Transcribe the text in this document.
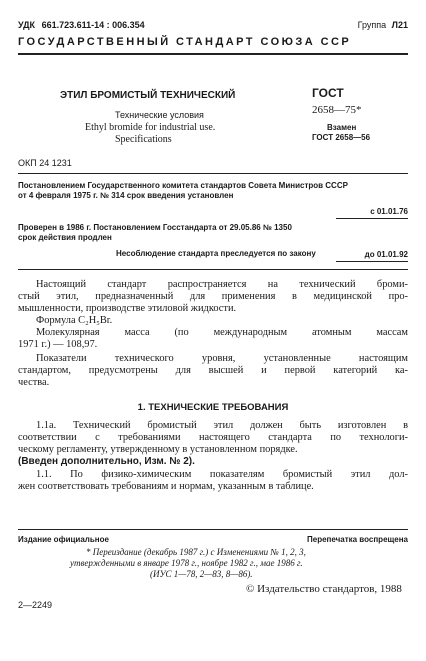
УДК 661.723.611-14 : 006.354	Группа Л21
ГОСУДАРСТВЕННЫЙ СТАНДАРТ СОЮЗА ССР
ЭТИЛ БРОМИСТЫЙ ТЕХНИЧЕСКИЙ
Технические условия
Ethyl bromide for industrial use.
Specifications
ГОСТ
2658—75*
Взамен
ГОСТ 2658—56
ОКП 24 1231
Постановлением Государственного комитета стандартов Совета Министров СССР
от 4 февраля 1975 г. № 314 срок введения установлен
с 01.01.76
Проверен в 1986 г. Постановлением Госстандарта от 29.05.86 № 1350
срок действия продлен
до 01.01.92
Несоблюдение стандарта преследуется по закону
Настоящий стандарт распространяется на технический броми-
стый этил, предназначенный для применения в медицинской про-
мышленности, производстве этиловой жидкости.
Формула C₂H₅Br.
Молекулярная масса (по международным атомным массам
1971 г.) — 108,97.
Показатели технического уровня, установленные настоящим
стандартом, предусмотрены для высшей и первой категорий ка-
чества.
1. ТЕХНИЧЕСКИЕ ТРЕБОВАНИЯ
1.1а. Технический бромистый этил должен быть изготовлен в
соответствии с требованиями настоящего стандарта по технологи-
ческому регламенту, утвержденному в установленном порядке.
(Введен дополнительно, Изм. № 2).
1.1. По физико-химическим показателям бромистый этил дол-
жен соответствовать требованиям и нормам, указанным в таблице.
Издание официальное	Перепечатка воспрещена
* Переиздание (декабрь 1987 г.) с Изменениями № 1, 2, 3,
утвержденными в январе 1978 г., ноябре 1982 г., мае 1986 г.
(ИУС 1—78, 2—83, 8—86).
© Издательство стандартов, 1988
2—2249
